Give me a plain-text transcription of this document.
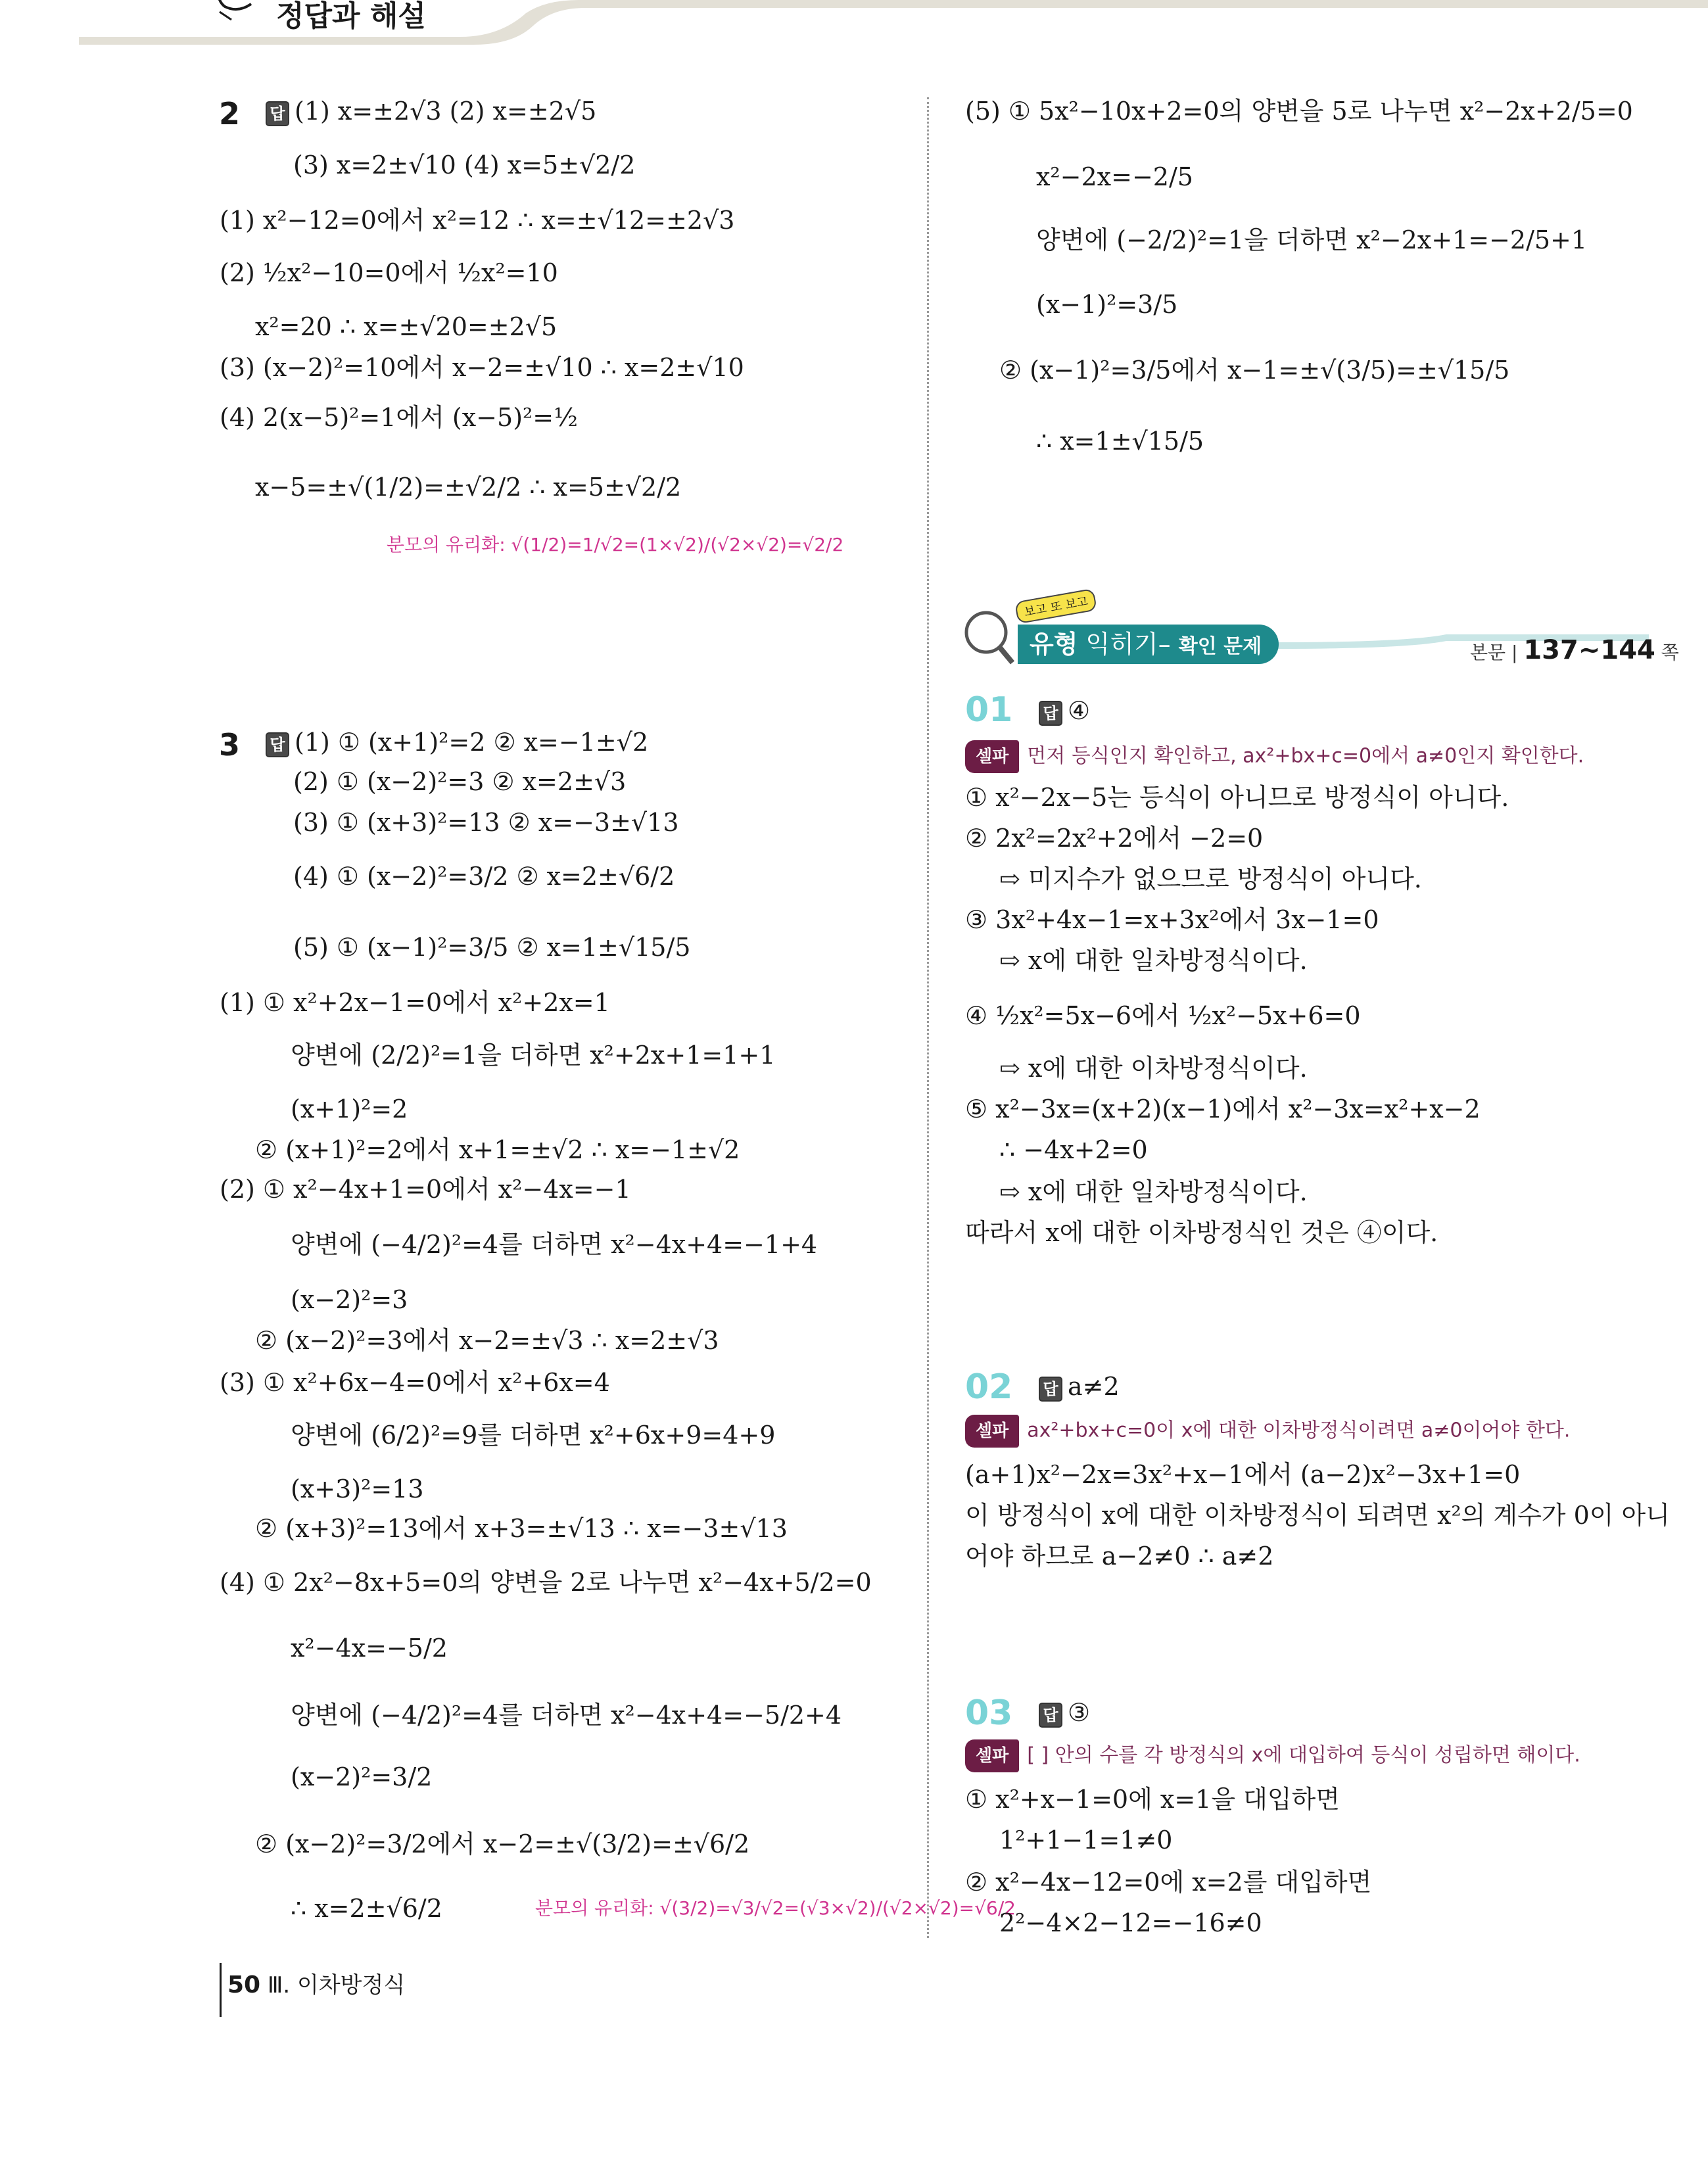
정답과 해설
2 답 (1) x=±2√3 (2) x=±2√5
(3) x=2±√10 (4) x=5±√2/2
(1) x²−12=0에서 x²=12 ∴ x=±√12=±2√3
(2) ½x²−10=0에서 ½x²=10
x²=20 ∴ x=±√20=±2√5
(3) (x−2)²=10에서 x−2=±√10 ∴ x=2±√10
(4) 2(x−5)²=1에서 (x−5)²=½
x−5=±√(1/2)=±√2/2 ∴ x=5±√2/2
분모의 유리화: √(1/2)=1/√2=(1×√2)/(√2×√2)=√2/2
3 답 (1) ① (x+1)²=2 ② x=−1±√2
(2) ① (x−2)²=3 ② x=2±√3
(3) ① (x+3)²=13 ② x=−3±√13
(4) ① (x−2)²=3/2 ② x=2±√6/2
(5) ① (x−1)²=3/5 ② x=1±√15/5
(1) ① x²+2x−1=0에서 x²+2x=1
양변에 (2/2)²=1을 더하면 x²+2x+1=1+1
(x+1)²=2
② (x+1)²=2에서 x+1=±√2 ∴ x=−1±√2
(2) ① x²−4x+1=0에서 x²−4x=−1
양변에 (−4/2)²=4를 더하면 x²−4x+4=−1+4
(x−2)²=3
② (x−2)²=3에서 x−2=±√3 ∴ x=2±√3
(3) ① x²+6x−4=0에서 x²+6x=4
양변에 (6/2)²=9를 더하면 x²+6x+9=4+9
(x+3)²=13
② (x+3)²=13에서 x+3=±√13 ∴ x=−3±√13
(4) ① 2x²−8x+5=0의 양변을 2로 나누면 x²−4x+5/2=0
x²−4x=−5/2
양변에 (−4/2)²=4를 더하면 x²−4x+4=−5/2+4
(x−2)²=3/2
② (x−2)²=3/2에서 x−2=±√(3/2)=±√6/2
∴ x=2±√6/2	분모의 유리화: √(3/2)=√3/√2=(√3×√2)/(√2×√2)=√6/2
(5) ① 5x²−10x+2=0의 양변을 5로 나누면 x²−2x+2/5=0
x²−2x=−2/5
양변에 (−2/2)²=1을 더하면 x²−2x+1=−2/5+1
(x−1)²=3/5
② (x−1)²=3/5에서 x−1=±√(3/5)=±√15/5
∴ x=1±√15/5
보고 또 보고
유형 익히기– 확인 문제	본문 | 137~144 쪽
01 답 ④
셀파 먼저 등식인지 확인하고, ax²+bx+c=0에서 a≠0인지 확인한다.
① x²−2x−5는 등식이 아니므로 방정식이 아니다.
② 2x²=2x²+2에서 −2=0
⇨ 미지수가 없으므로 방정식이 아니다.
③ 3x²+4x−1=x+3x²에서 3x−1=0
⇨ x에 대한 일차방정식이다.
④ ½x²=5x−6에서 ½x²−5x+6=0
⇨ x에 대한 이차방정식이다.
⑤ x²−3x=(x+2)(x−1)에서 x²−3x=x²+x−2
∴ −4x+2=0
⇨ x에 대한 일차방정식이다.
따라서 x에 대한 이차방정식인 것은 ④이다.
02 답 a≠2
셀파 ax²+bx+c=0이 x에 대한 이차방정식이려면 a≠0이어야 한다.
(a+1)x²−2x=3x²+x−1에서 (a−2)x²−3x+1=0
이 방정식이 x에 대한 이차방정식이 되려면 x²의 계수가 0이 아니
어야 하므로 a−2≠0 ∴ a≠2
03 답 ③
셀파 [ ] 안의 수를 각 방정식의 x에 대입하여 등식이 성립하면 해이다.
① x²+x−1=0에 x=1을 대입하면
1²+1−1=1≠0
② x²−4x−12=0에 x=2를 대입하면
2²−4×2−12=−16≠0
50 Ⅲ. 이차방정식
